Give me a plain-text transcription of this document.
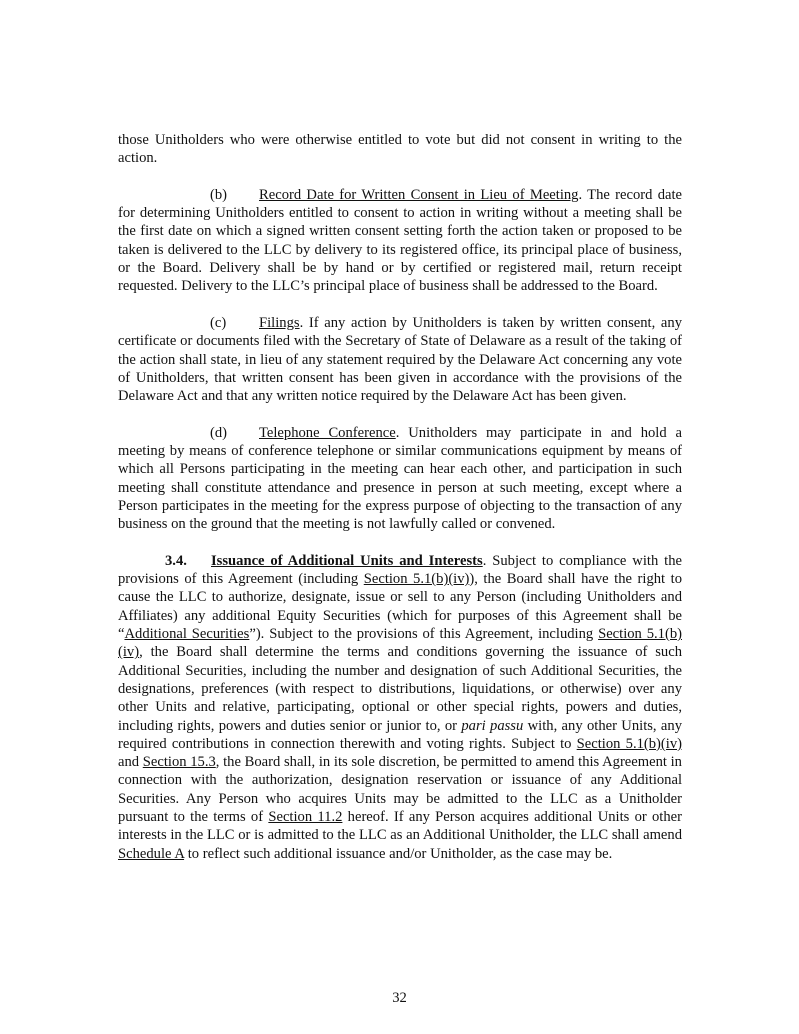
those Unitholders who were otherwise entitled to vote but did not consent in writing to the action.

(b) Record Date for Written Consent in Lieu of Meeting. The record date for determining Unitholders entitled to consent to action in writing without a meeting shall be the first date on which a signed written consent setting forth the action taken or proposed to be taken is delivered to the LLC by delivery to its registered office, its principal place of business, or the Board. Delivery shall be by hand or by certified or registered mail, return receipt requested. Delivery to the LLC’s principal place of business shall be addressed to the Board.

(c) Filings. If any action by Unitholders is taken by written consent, any certificate or documents filed with the Secretary of State of Delaware as a result of the taking of the action shall state, in lieu of any statement required by the Delaware Act concerning any vote of Unitholders, that written consent has been given in accordance with the provisions of the Delaware Act and that any written notice required by the Delaware Act has been given.

(d) Telephone Conference. Unitholders may participate in and hold a meeting by means of conference telephone or similar communications equipment by means of which all Persons participating in the meeting can hear each other, and participation in such meeting shall constitute attendance and presence in person at such meeting, except where a Person participates in the meeting for the express purpose of objecting to the transaction of any business on the ground that the meeting is not lawfully called or convened.

3.4. Issuance of Additional Units and Interests. Subject to compliance with the provisions of this Agreement (including Section 5.1(b)(iv)), the Board shall have the right to cause the LLC to authorize, designate, issue or sell to any Person (including Unitholders and Affiliates) any additional Equity Securities (which for purposes of this Agreement shall be “Additional Securities”). Subject to the provisions of this Agreement, including Section 5.1(b)(iv), the Board shall determine the terms and conditions governing the issuance of such Additional Securities, including the number and designation of such Additional Securities, the designations, preferences (with respect to distributions, liquidations, or otherwise) over any other Units and relative, participating, optional or other special rights, powers and duties, including rights, powers and duties senior or junior to, or pari passu with, any other Units, any required contributions in connection therewith and voting rights. Subject to Section 5.1(b)(iv) and Section 15.3, the Board shall, in its sole discretion, be permitted to amend this Agreement in connection with the authorization, designation reservation or issuance of any Additional Securities. Any Person who acquires Units may be admitted to the LLC as a Unitholder pursuant to the terms of Section 11.2 hereof. If any Person acquires additional Units or other interests in the LLC or is admitted to the LLC as an Additional Unitholder, the LLC shall amend Schedule A to reflect such additional issuance and/or Unitholder, as the case may be.

32
